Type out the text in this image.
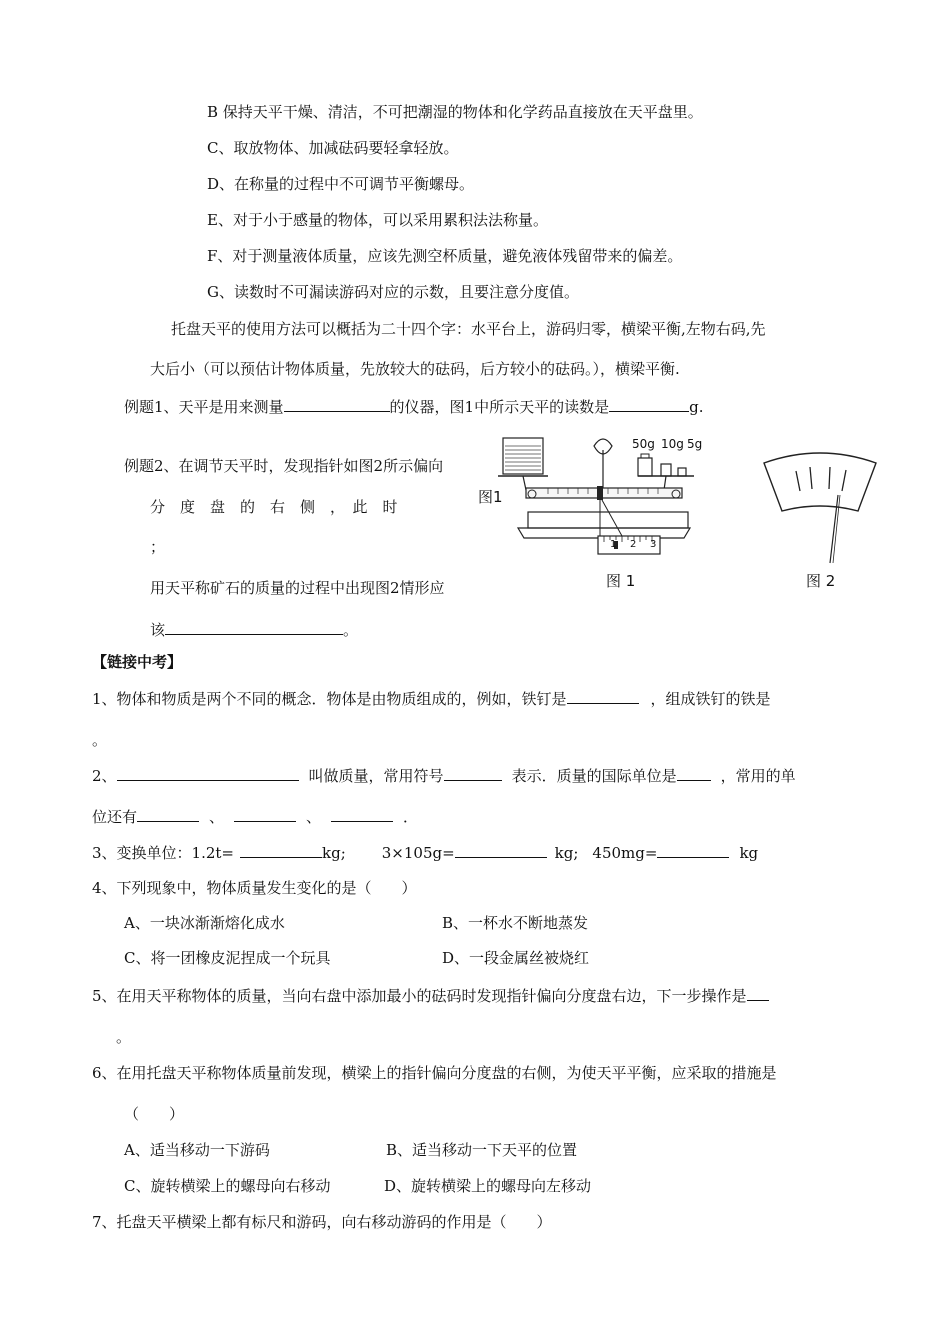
B 保持天平干燥、清洁，不可把潮湿的物体和化学药品直接放在天平盘里。
C、取放物体、加减砝码要轻拿轻放。
D、在称量的过程中不可调节平衡螺母。
E、对于小于感量的物体，可以采用累积法法称量。
F、对于测量液体质量，应该先测空杯质量，避免液体残留带来的偏差。
G、读数时不可漏读游码对应的示数，且要注意分度值。
托盘天平的使用方法可以概括为二十四个字：水平台上，游码归零，横梁平衡,左物右码,先
大后小（可以预估计物体质量，先放较大的砝码，后方较小的砝码。），横梁平衡.
例题1、天平是用来测量	的仪器，图1中所示天平的读数是	g.
例题2、在调节天平时，发现指针如图2所示偏向
分　度　盘　的　右　侧　，　此　时
；
用天平称矿石的质量的过程中出现图2情形应
该	。
图1
50g 10g 5g
1 2 3
图 1	图 2
【链接中考】
1、物体和物质是两个不同的概念．物体是由物质组成的，例如，铁钉是	，组成铁钉的铁是
。
2、	叫做质量，常用符号	表示．质量的国际单位是	，常用的单
位还有	、	、	．
3、变换单位：1.2t=	kg; 3×105g=	kg; 450mg=	kg
4、下列现象中，物体质量发生变化的是（　　）
A、一块冰渐渐熔化成水	B、一杯水不断地蒸发
C、将一团橡皮泥捏成一个玩具	D、一段金属丝被烧红
5、在用天平称物体的质量，当向右盘中添加最小的砝码时发现指针偏向分度盘右边，下一步操作是
。
6、在用托盘天平称物体质量前发现，横梁上的指针偏向分度盘的右侧，为使天平平衡，应采取的措施是
（　　）
A、适当移动一下游码	B、适当移动一下天平的位置
C、旋转横梁上的螺母向右移动	D、旋转横梁上的螺母向左移动
7、托盘天平横梁上都有标尺和游码，向右移动游码的作用是（　　）
